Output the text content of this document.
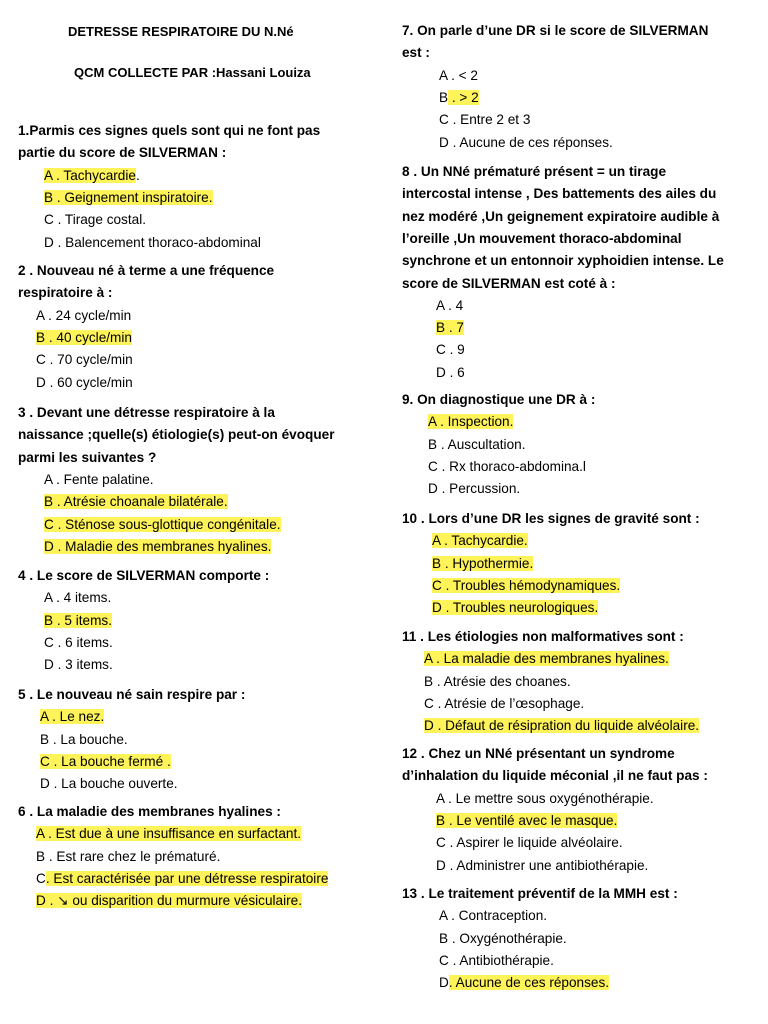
DETRESSE RESPIRATOIRE DU N.Né
QCM COLLECTE PAR :Hassani Louiza
1.Parmis ces signes quels sont qui ne font pas
partie du score de SILVERMAN :
A . Tachycardie.
B . Geignement inspiratoire.
C . Tirage costal.
D . Balencement thoraco-abdominal
2 . Nouveau né à terme a une fréquence
respiratoire à :
A . 24 cycle/min
B . 40 cycle/min
C . 70 cycle/min
D . 60 cycle/min
3 . Devant une détresse respiratoire à la
naissance ;quelle(s) étiologie(s) peut-on évoquer
parmi les suivantes ?
A . Fente palatine.
B . Atrésie choanale bilatérale.
C . Sténose sous-glottique congénitale.
D . Maladie des membranes hyalines.
4 . Le score de SILVERMAN comporte :
A . 4 items.
B . 5 items.
C . 6 items.
D . 3 items.
5 . Le nouveau né sain respire par :
A . Le nez.
B . La bouche.
C . La bouche fermé .
D . La bouche ouverte.
6 . La maladie des membranes hyalines :
A . Est due à une insuffisance en surfactant.
B . Est rare chez le prématuré.
C. Est caractérisée par une détresse respiratoire
D . ↘ ou disparition du murmure vésiculaire.
7. On parle d’une DR si le score de SILVERMAN
est :
A . < 2
B . > 2
C . Entre 2 et 3
D . Aucune de ces réponses.
8 . Un NNé prématuré présent = un tirage
intercostal intense , Des battements des ailes du
nez modéré ,Un geignement expiratoire audible à
l’oreille ,Un mouvement thoraco-abdominal
synchrone et un entonnoir xyphoidien intense. Le
score de SILVERMAN est coté à :
A . 4
B . 7
C . 9
D . 6
9. On diagnostique une DR à :
A . Inspection.
B . Auscultation.
C . Rx thoraco-abdomina.l
D . Percussion.
10 . Lors d’une DR les signes de gravité sont :
A . Tachycardie.
B . Hypothermie.
C . Troubles hémodynamiques.
D . Troubles neurologiques.
11 . Les étiologies non malformatives sont :
A . La maladie des membranes hyalines.
B . Atrésie des choanes.
C . Atrésie de l’œsophage.
D . Défaut de résipration du liquide alvéolaire.
12 . Chez un NNé présentant un syndrome
d’inhalation du liquide méconial ,il ne faut pas :
A . Le mettre sous oxygénothérapie.
B . Le ventilé avec le masque.
C . Aspirer le liquide alvéolaire.
D . Administrer une antibiothérapie.
13 . Le traitement préventif de la MMH est :
A . Contraception.
B . Oxygénothérapie.
C . Antibiothérapie.
D. Aucune de ces réponses.
